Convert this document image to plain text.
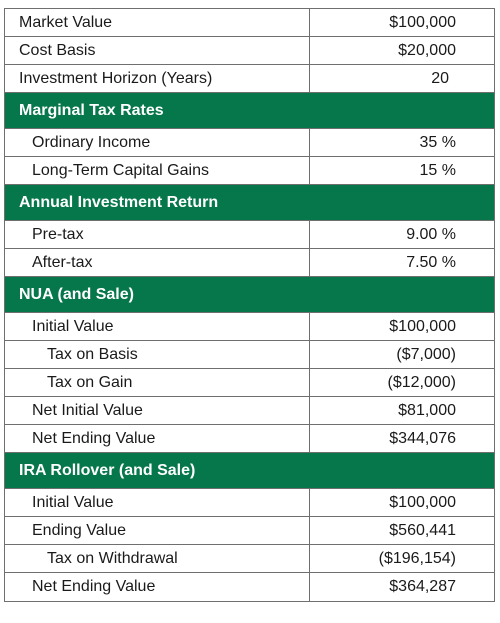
Market Value	$100,000
Cost Basis	$20,000
Investment Horizon (Years)	20
Marginal Tax Rates
Ordinary Income	35 %
Long-Term Capital Gains	15 %
Annual Investment Return
Pre-tax	9.00 %
After-tax	7.50 %
NUA (and Sale)
Initial Value	$100,000
Tax on Basis	($7,000)
Tax on Gain	($12,000)
Net Initial Value	$81,000
Net Ending Value	$344,076
IRA Rollover (and Sale)
Initial Value	$100,000
Ending Value	$560,441
Tax on Withdrawal	($196,154)
Net Ending Value	$364,287
